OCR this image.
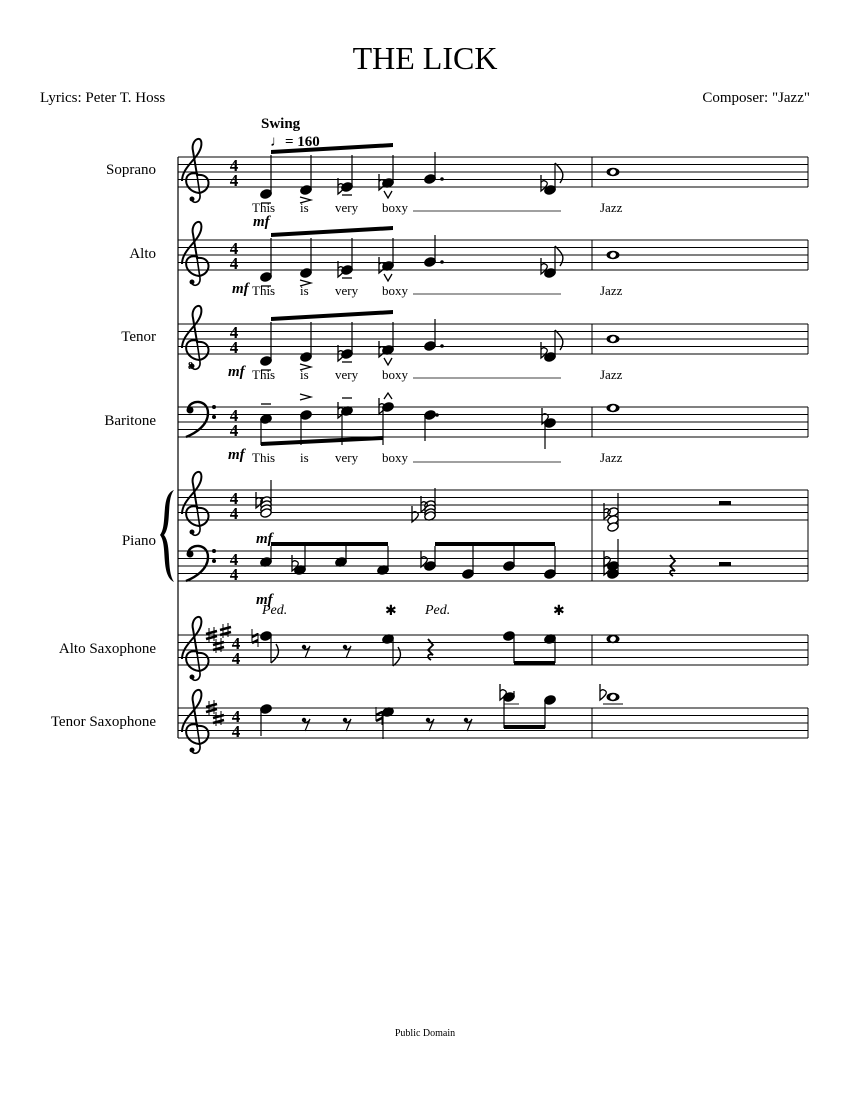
8
4
4
4
4
4
4
4
4
4
4
4
4
4
4
4
4
THE LICK
Lyrics: Peter T. Hoss	Composer: "Jazz"
Swing
♩= 160
Public Domain
Soprano
Alto
Tenor
Baritone
Piano
Alto Saxophone
Tenor Saxophone
This is very boxy	Jazz
This is very boxy	Jazz
This is very boxy	Jazz
This is very boxy	Jazz
mf
mf
mf
mf
mf
mf
Ped.	✱ Ped.	✱
